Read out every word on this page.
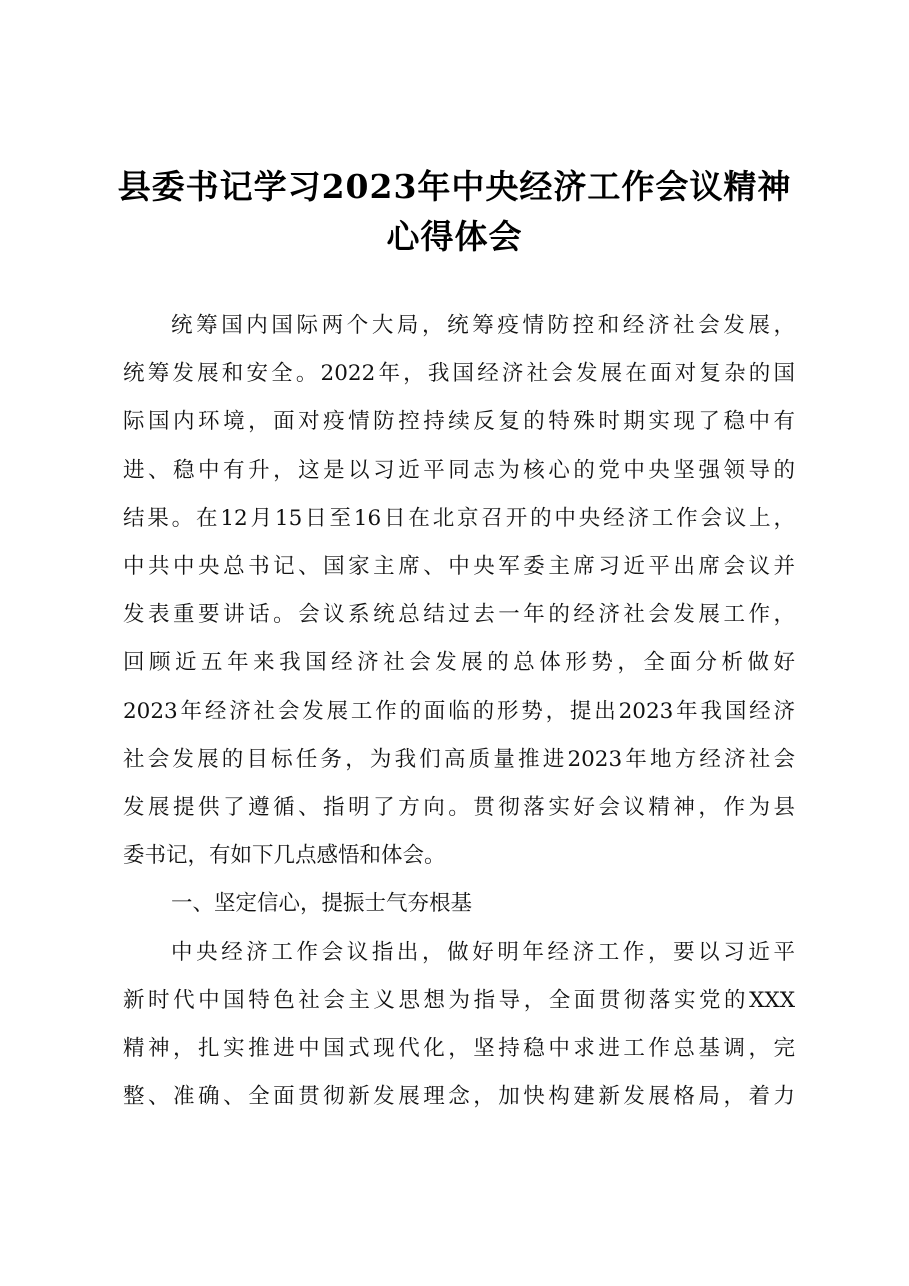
县委书记学习2023年中央经济工作会议精神
心得体会
统筹国内国际两个大局，统筹疫情防控和经济社会发展，
统筹发展和安全。2022年，我国经济社会发展在面对复杂的国
际国内环境，面对疫情防控持续反复的特殊时期实现了稳中有
进、稳中有升，这是以习近平同志为核心的党中央坚强领导的
结果。在12月15日至16日在北京召开的中央经济工作会议上，
中共中央总书记、国家主席、中央军委主席习近平出席会议并
发表重要讲话。会议系统总结过去一年的经济社会发展工作，
回顾近五年来我国经济社会发展的总体形势，全面分析做好
2023年经济社会发展工作的面临的形势，提出2023年我国经济
社会发展的目标任务，为我们高质量推进2023年地方经济社会
发展提供了遵循、指明了方向。贯彻落实好会议精神，作为县
委书记，有如下几点感悟和体会。
一、坚定信心，提振士气夯根基
中央经济工作会议指出，做好明年经济工作，要以习近平
新时代中国特色社会主义思想为指导，全面贯彻落实党的XXX
精神，扎实推进中国式现代化，坚持稳中求进工作总基调，完
整、准确、全面贯彻新发展理念，加快构建新发展格局，着力
